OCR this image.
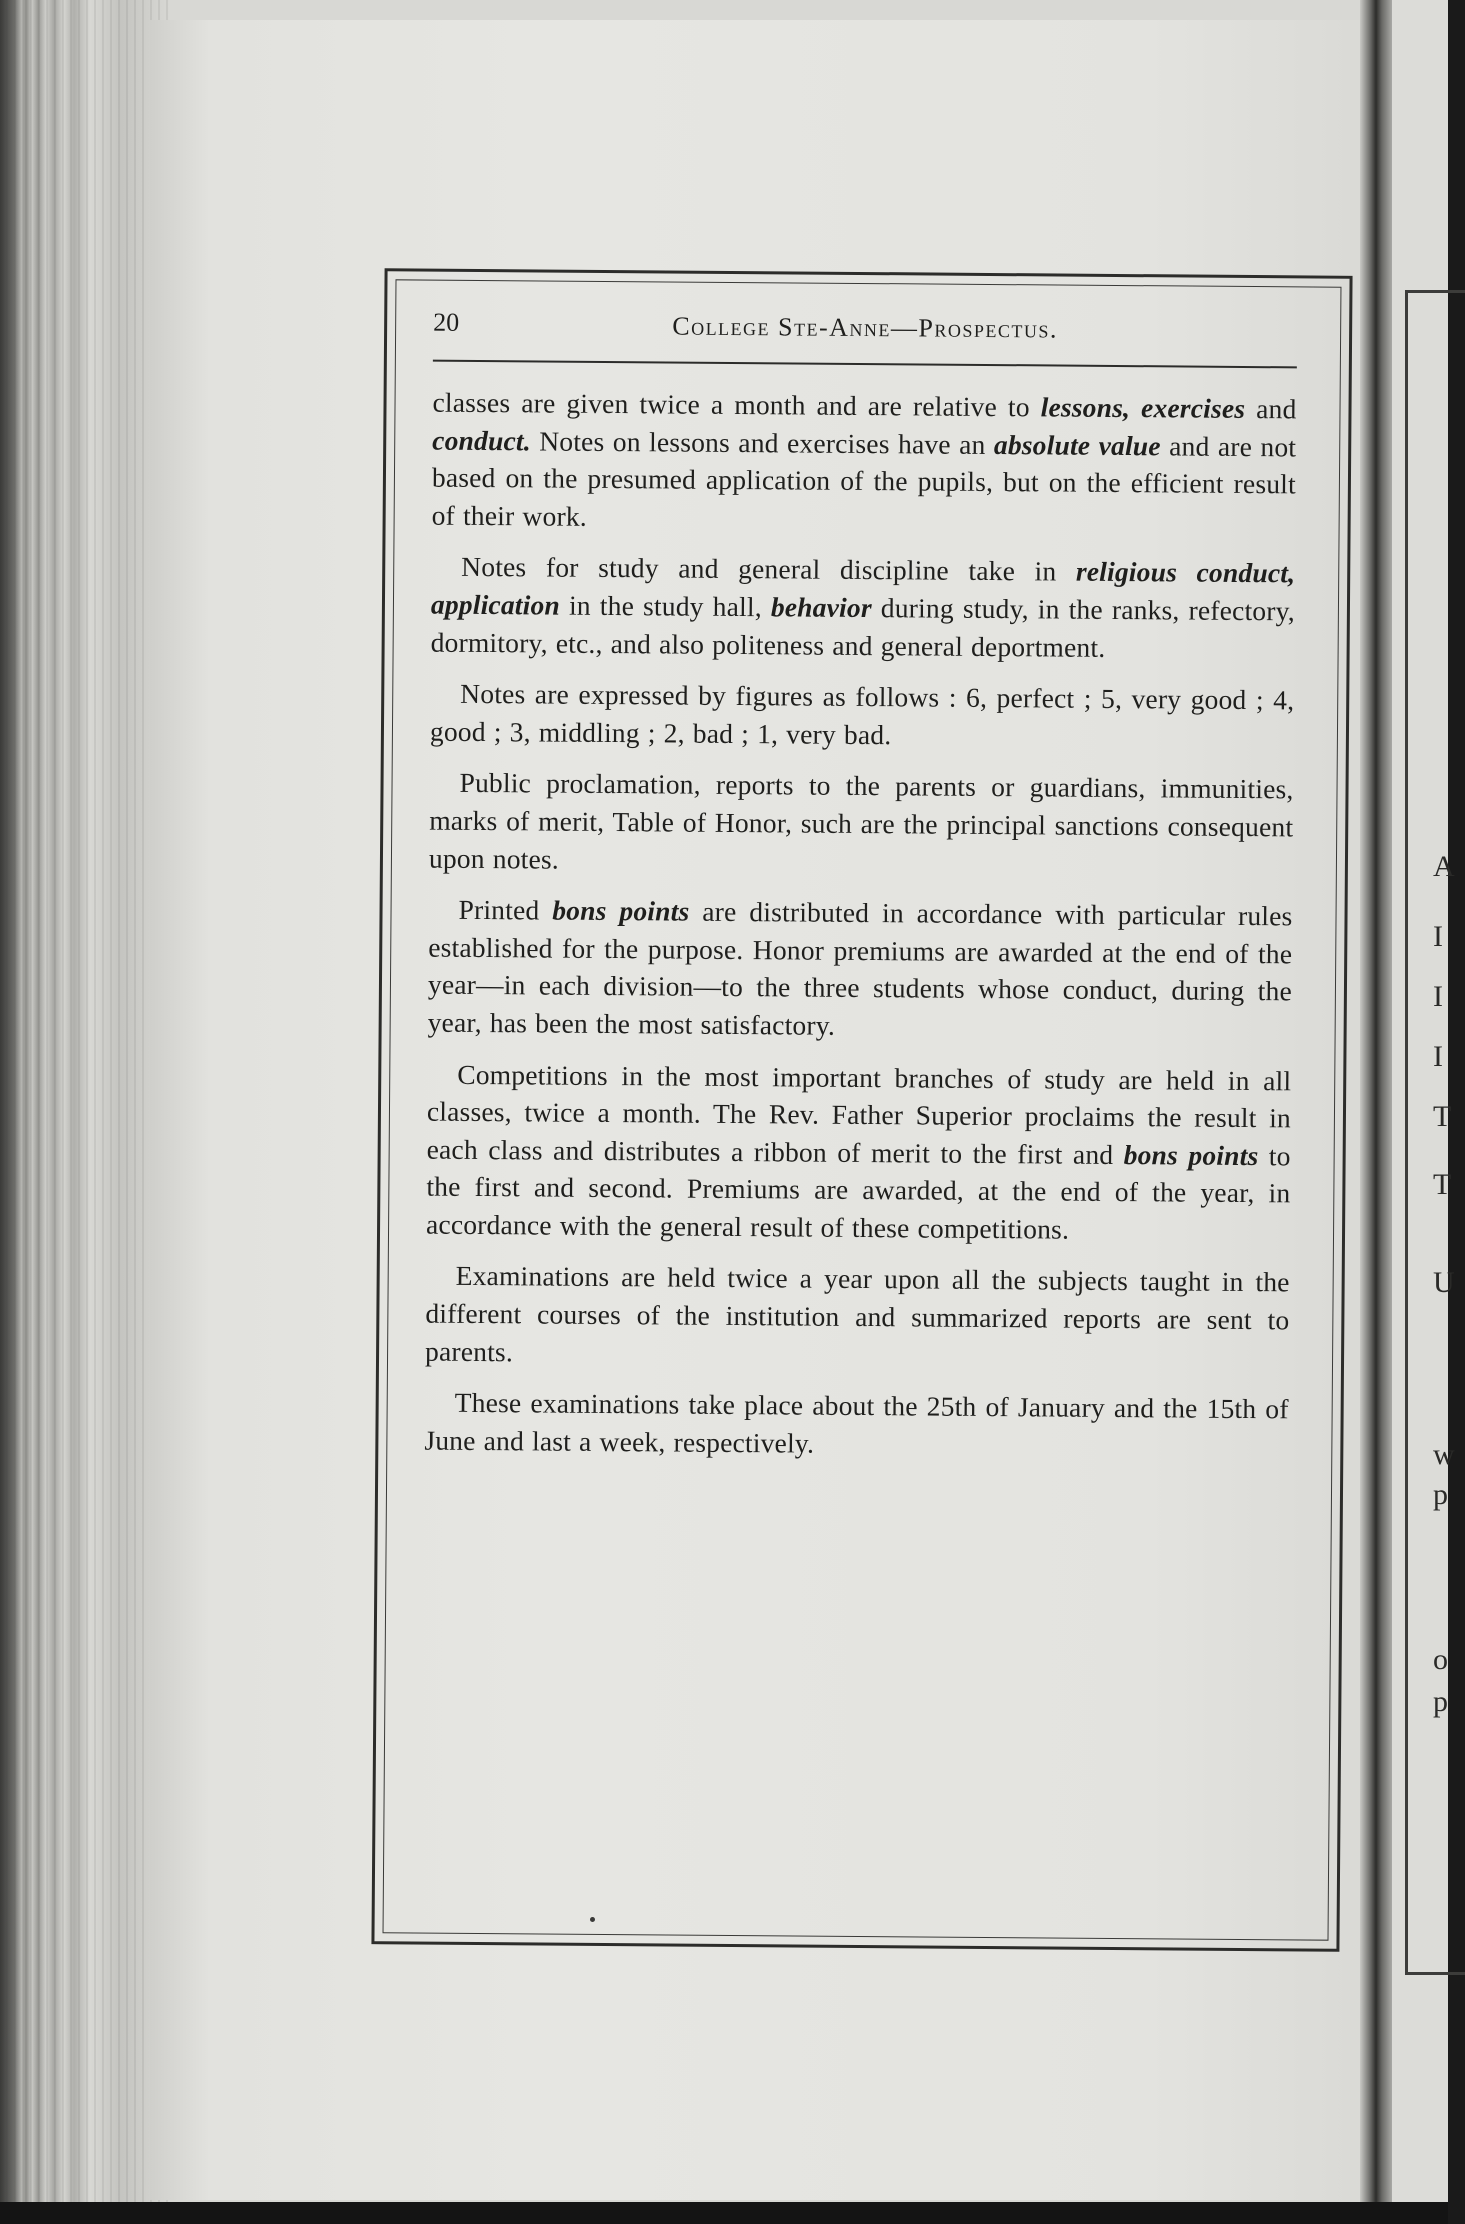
A
I
I
I
T
T
U
w
p
o
p
20	College Ste-Anne—Prospectus.

classes are given twice a month and are relative to lessons, exercises and conduct. Notes on lessons and exercises have an absolute value and are not based on the presumed application of the pupils, but on the efficient result of their work.

Notes for study and general discipline take in religious conduct, application in the study hall, behavior during study, in the ranks, refectory, dormitory, etc., and also politeness and general deportment.

Notes are expressed by figures as follows : 6, perfect ; 5, very good ; 4, good ; 3, middling ; 2, bad ; 1, very bad.

Public proclamation, reports to the parents or guardians, immunities, marks of merit, Table of Honor, such are the principal sanctions consequent upon notes.

Printed bons points are distributed in accordance with particular rules established for the purpose. Honor premiums are awarded at the end of the year—in each division—to the three students whose conduct, during the year, has been the most satisfactory.

Competitions in the most important branches of study are held in all classes, twice a month. The Rev. Father Superior proclaims the result in each class and distributes a ribbon of merit to the first and bons points to the first and second. Premiums are awarded, at the end of the year, in accordance with the general result of these competitions.

Examinations are held twice a year upon all the subjects taught in the different courses of the institution and summarized reports are sent to parents.

These examinations take place about the 25th of January and the 15th of June and last a week, respectively.
